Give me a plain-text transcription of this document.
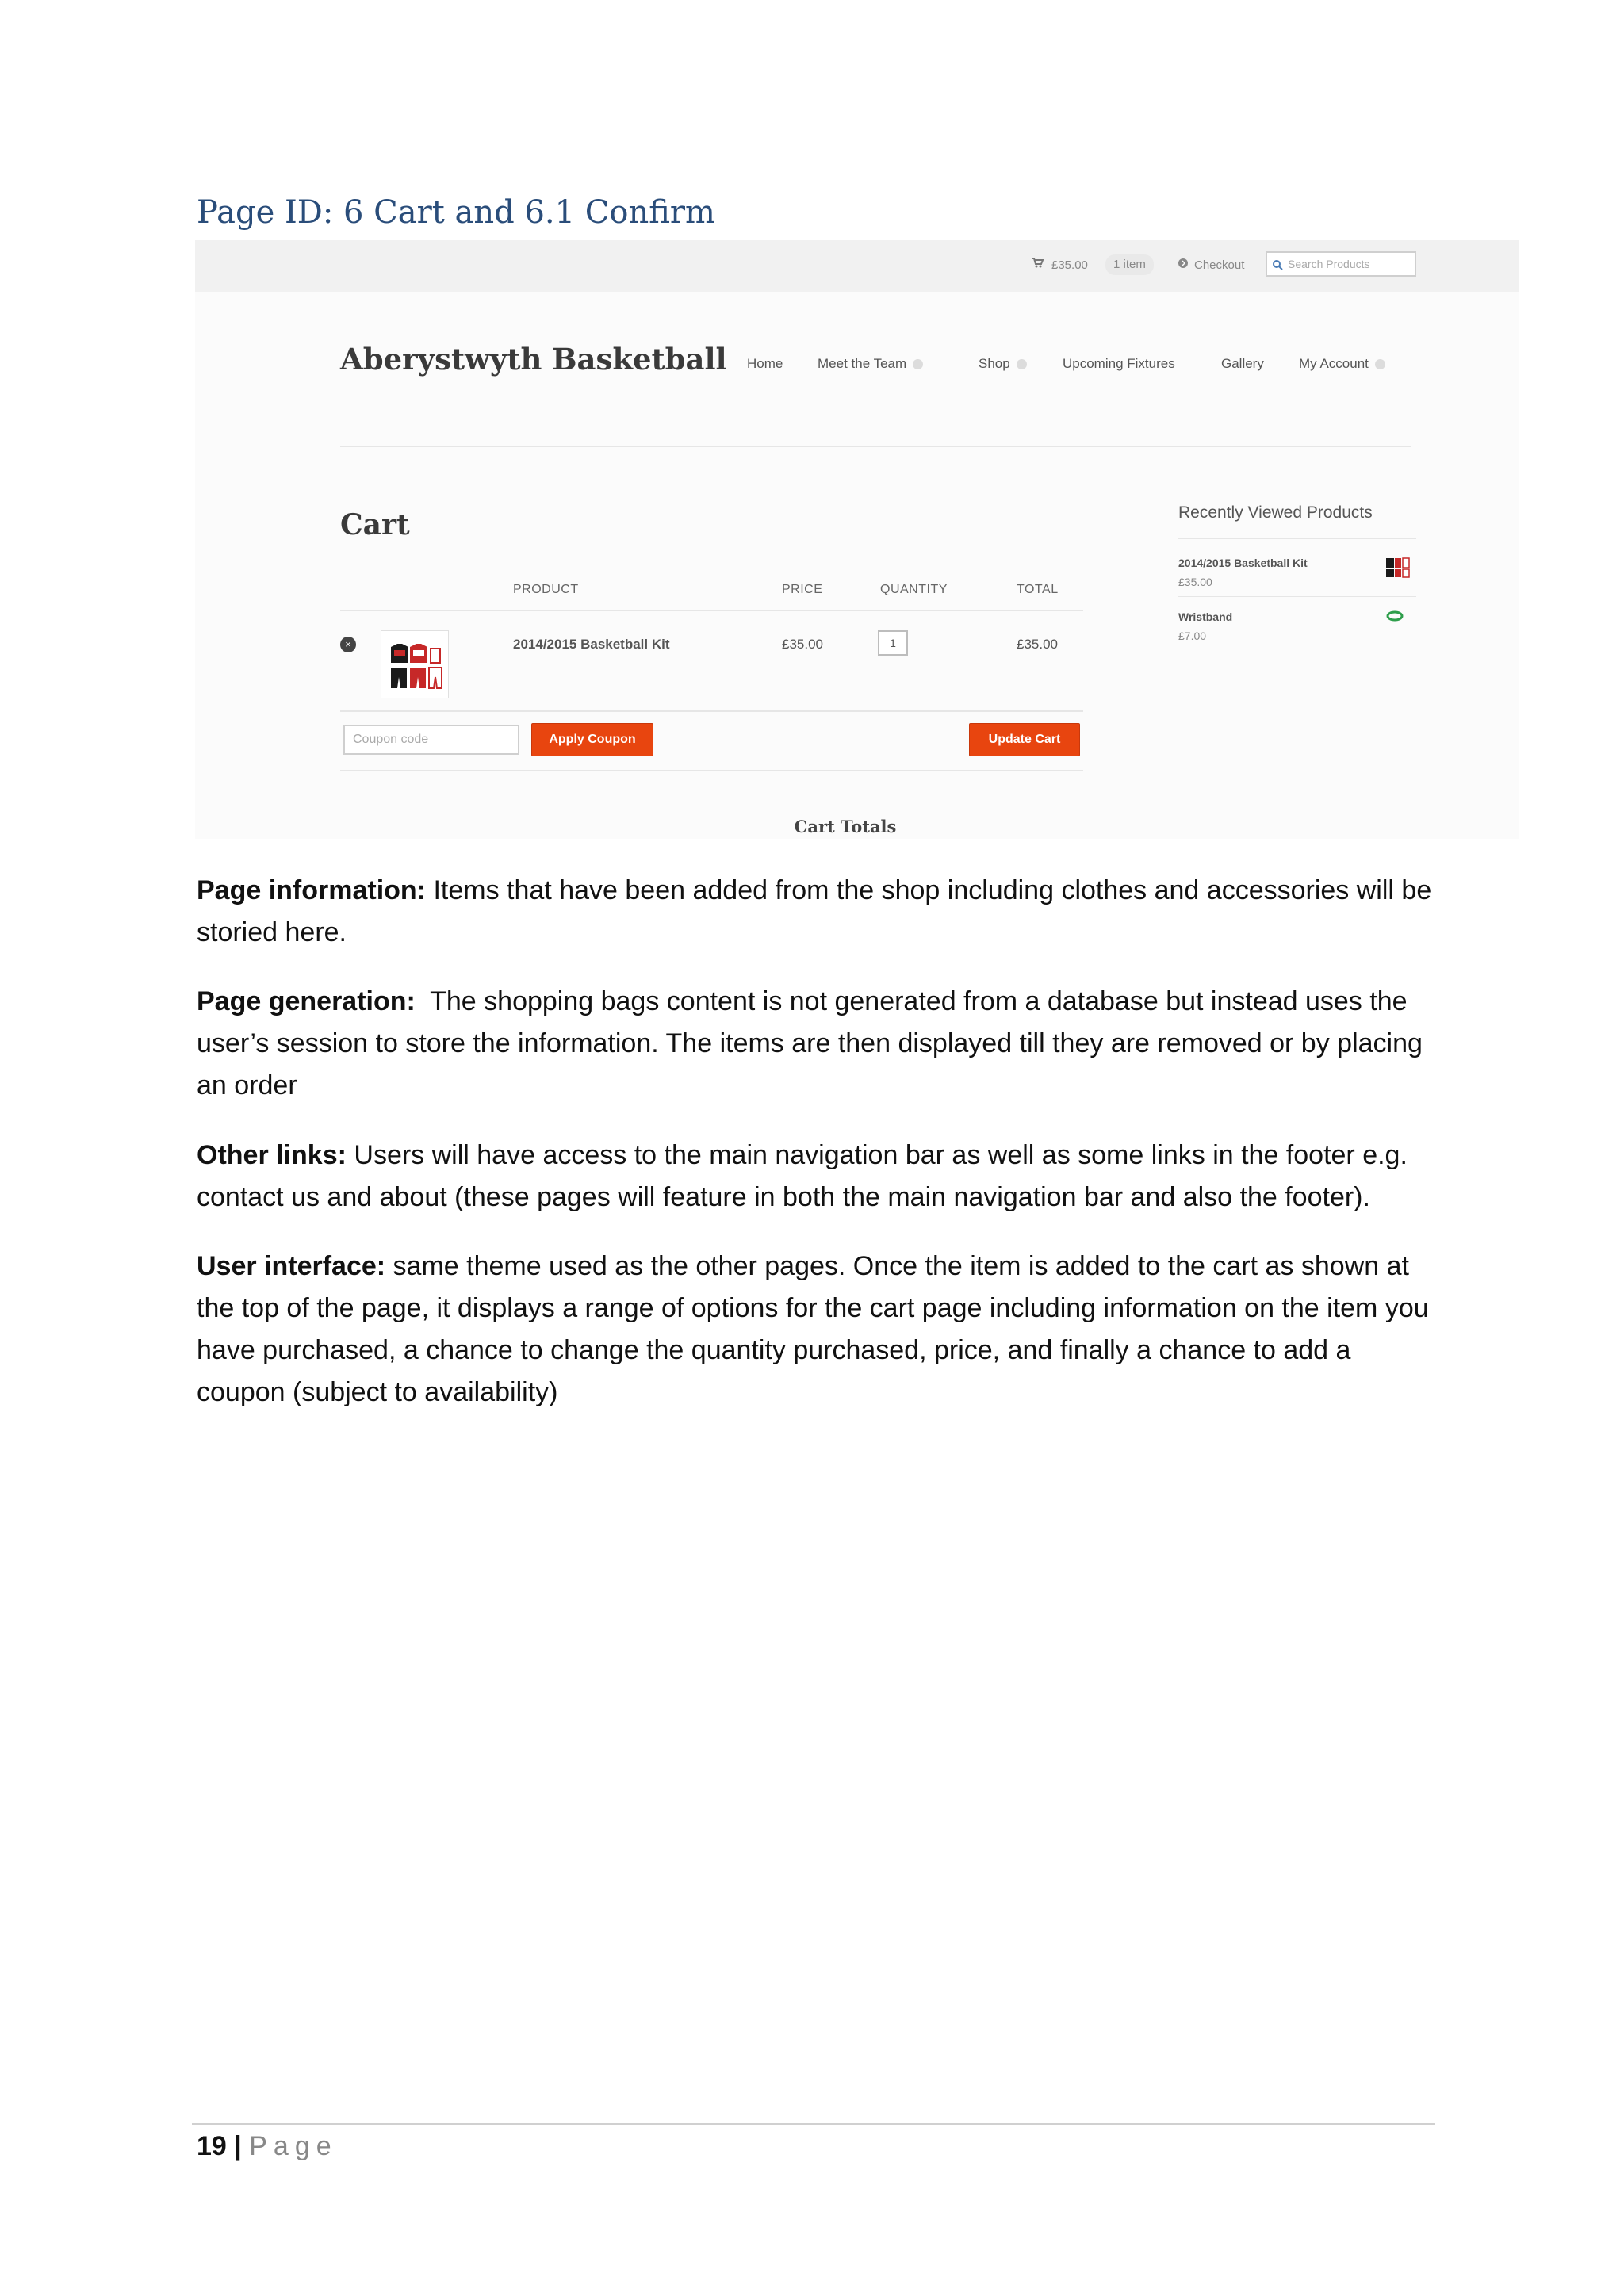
Page ID: 6 Cart and 6.1 Confirm
£35.00	1 item	Checkout	Search Products
Aberystwyth Basketball Home	Meet the Team	Shop	Upcoming Fixtures	Gallery	My Account
Cart
PRODUCT	PRICE	QUANTITY	TOTAL
×	2014/2015 Basketball Kit	£35.00	1	£35.00
Coupon code	Apply Coupon	Update Cart
Cart Totals
Recently Viewed Products
2014/2015 Basketball Kit
£35.00
Wristband
£7.00

Page information: Items that have been added from the shop including clothes and accessories will be storied here.

Page generation:  The shopping bags content is not generated from a database but instead uses the user’s session to store the information. The items are then displayed till they are removed or by placing an order

Other links: Users will have access to the main navigation bar as well as some links in the footer e.g. contact us and about (these pages will feature in both the main navigation bar and also the footer).

User interface: same theme used as the other pages. Once the item is added to the cart as shown at the top of the page, it displays a range of options for the cart page including information on the item you have purchased, a chance to change the quantity purchased, price, and finally a chance to add a coupon (subject to availability)

19 | Page
